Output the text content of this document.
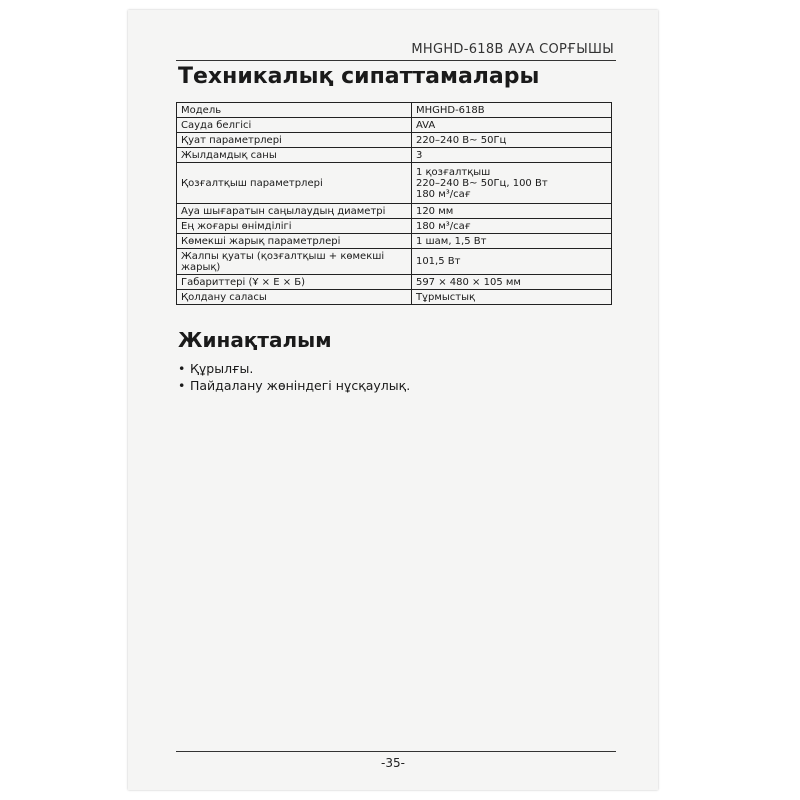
MHGHD-618B АУА СОРҒЫШЫ
Техникалық сипаттамалары
Модель	MHGHD-618B

Сауда белгісі	AVA

Қуат параметрлері	220–240 В~ 50Гц

Жылдамдық саны	3

Қозғалтқыш параметрлері	1 қозғалтқыш
220–240 В~ 50Гц, 100 Вт
180 м³/сағ

Ауа шығаратын саңылаудың диаметрі	120 мм

Ең жоғары өнімділігі	180 м³/сағ

Көмекші жарық параметрлері	1 шам, 1,5 Вт

Жалпы қуаты (қозғалтқыш + көмекші жарық)	101,5 Вт

Габариттері (Ұ × Е × Б)	597 × 480 × 105 мм

Қолдану саласы	Тұрмыстық
Жинақталым
• Құрылғы.
• Пайдалану жөніндегі нұсқаулық.
-35-
